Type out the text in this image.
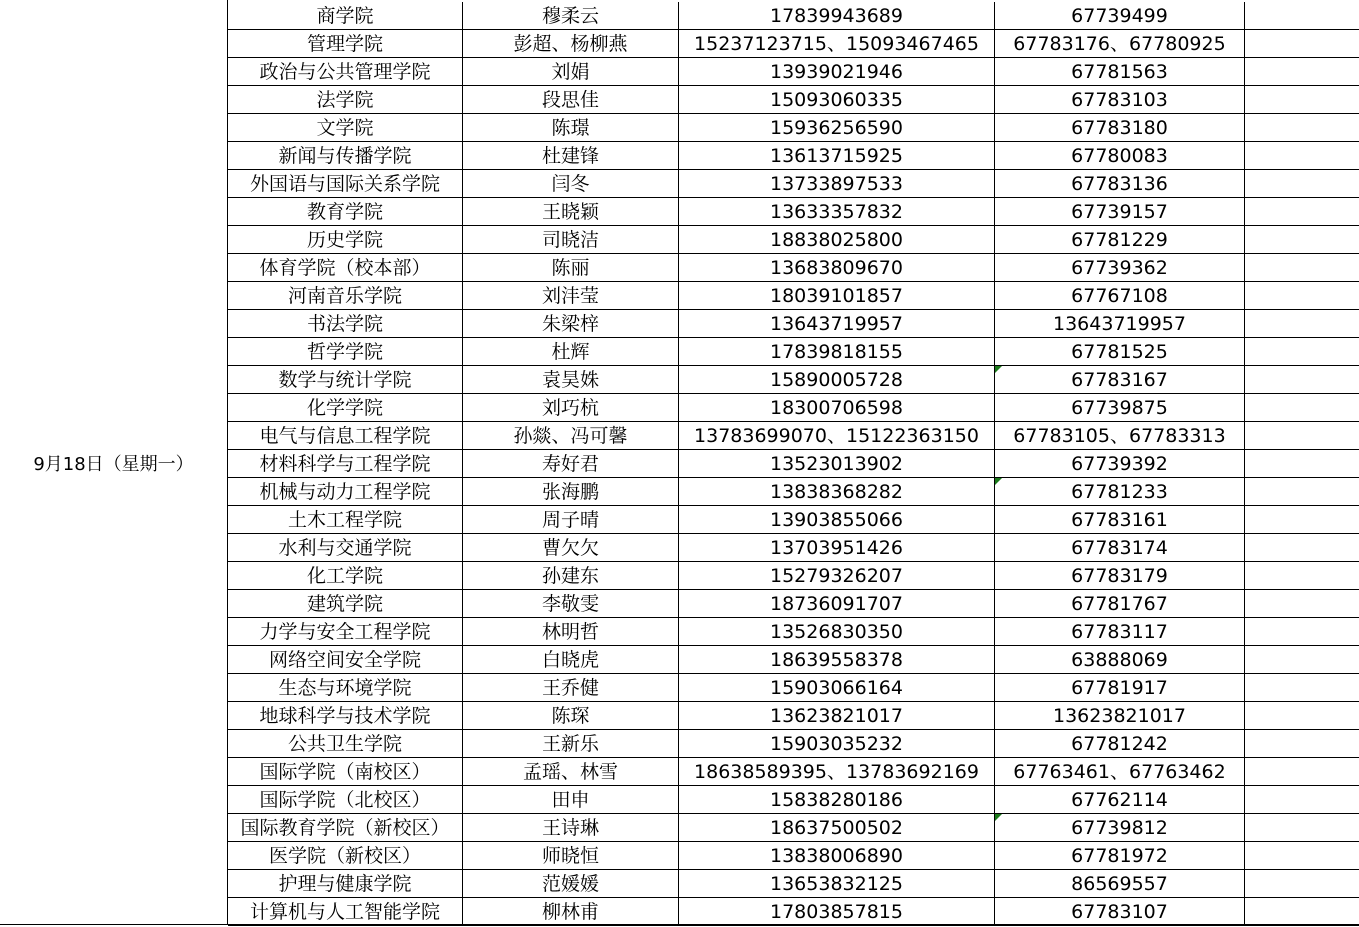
9月18日（星期一）
商学院	穆柔云	17839943689	67739499
管理学院	彭超、杨柳燕	15237123715、15093467465	67783176、67780925
政治与公共管理学院	刘娟	13939021946	67781563
法学院	段思佳	15093060335	67783103
文学院	陈璟	15936256590	67783180
新闻与传播学院	杜建锋	13613715925	67780083
外国语与国际关系学院	闫冬	13733897533	67783136
教育学院	王晓颖	13633357832	67739157
历史学院	司晓洁	18838025800	67781229
体育学院（校本部）	陈丽	13683809670	67739362
河南音乐学院	刘沣莹	18039101857	67767108
书法学院	朱梁梓	13643719957	13643719957
哲学学院	杜辉	17839818155	67781525
数学与统计学院	袁昊姝	15890005728	67783167
化学学院	刘巧杭	18300706598	67739875
电气与信息工程学院	孙燚、冯可馨	13783699070、15122363150	67783105、67783313
材料科学与工程学院	寿好君	13523013902	67739392
机械与动力工程学院	张海鹏	13838368282	67781233
土木工程学院	周子晴	13903855066	67783161
水利与交通学院	曹欠欠	13703951426	67783174
化工学院	孙建东	15279326207	67783179
建筑学院	李敬雯	18736091707	67781767
力学与安全工程学院	林明哲	13526830350	67783117
网络空间安全学院	白晓虎	18639558378	63888069
生态与环境学院	王乔健	15903066164	67781917
地球科学与技术学院	陈琛	13623821017	13623821017
公共卫生学院	王新乐	15903035232	67781242
国际学院（南校区）	孟瑶、林雪	18638589395、13783692169	67763461、67763462
国际学院（北校区）	田申	15838280186	67762114
国际教育学院（新校区）	王诗琳	18637500502	67739812
医学院（新校区）	师晓恒	13838006890	67781972
护理与健康学院	范媛媛	13653832125	86569557
计算机与人工智能学院	柳林甫	17803857815	67783107
